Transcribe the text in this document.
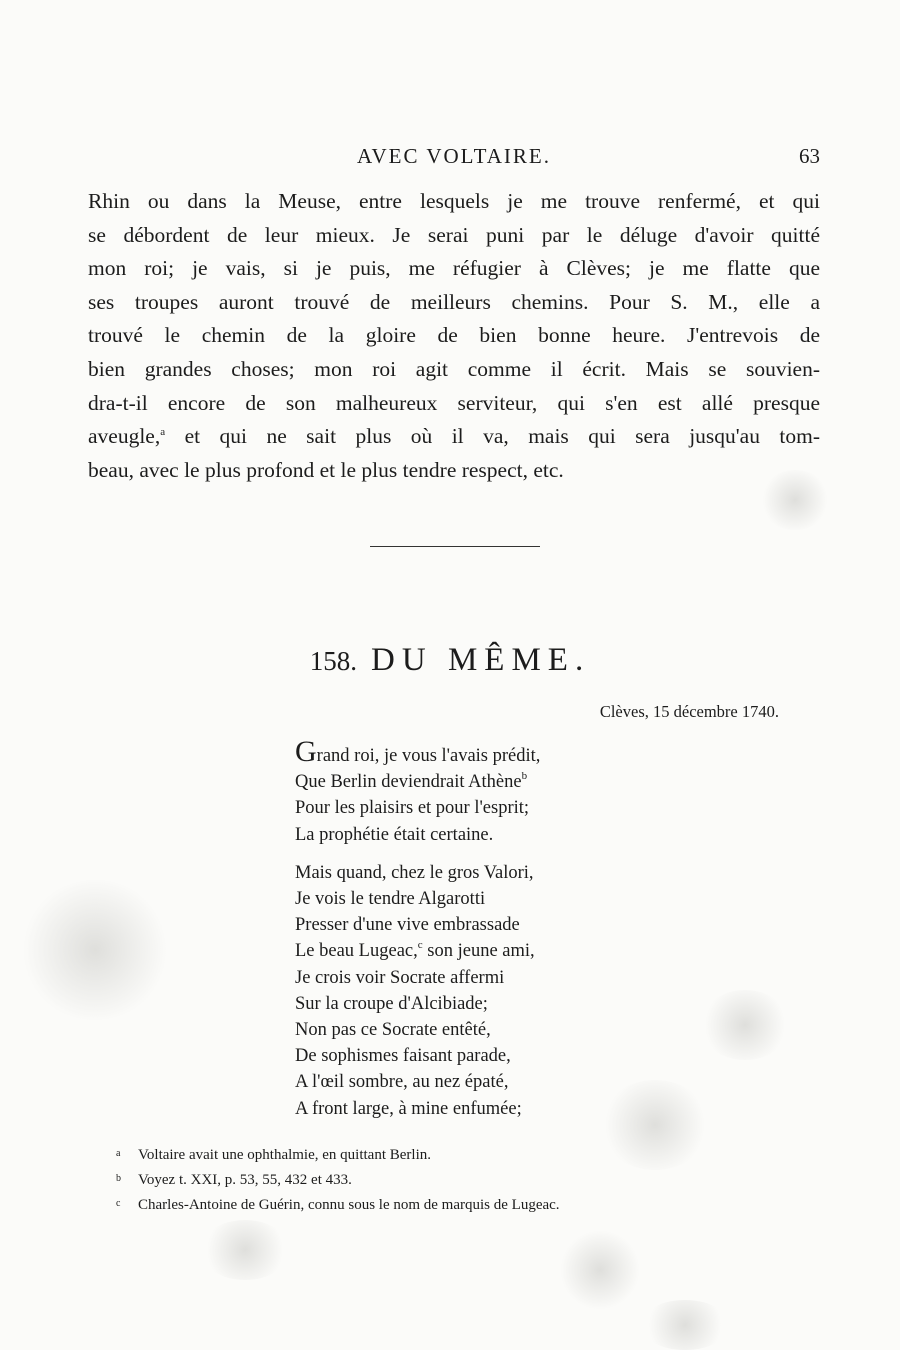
AVEC VOLTAIRE.	63
Rhin ou dans la Meuse, entre lesquels je me trouve renfermé, et qui
se débordent de leur mieux. Je serai puni par le déluge d'avoir quitté
mon roi; je vais, si je puis, me réfugier à Clèves; je me flatte que
ses troupes auront trouvé de meilleurs chemins. Pour S. M., elle a
trouvé le chemin de la gloire de bien bonne heure. J'entrevois de
bien grandes choses; mon roi agit comme il écrit. Mais se souvien-
dra-t-il encore de son malheureux serviteur, qui s'en est allé presque
aveugle,$^a$ et qui ne sait plus où il va, mais qui sera jusqu'au tom-
beau, avec le plus profond et le plus tendre respect, etc.
158. DU MÊME.
Clèves, 15 décembre 1740.
Grand roi, je vous l'avais prédit,
Que Berlin deviendrait Athène$^b$
Pour les plaisirs et pour l'esprit;
La prophétie était certaine.
Mais quand, chez le gros Valori,
Je vois le tendre Algarotti
Presser d'une vive embrassade
Le beau Lugeac,$^c$ son jeune ami,
Je crois voir Socrate affermi
Sur la croupe d'Alcibiade;
Non pas ce Socrate entêté,
De sophismes faisant parade,
A l'œil sombre, au nez épaté,
A front large, à mine enfumée;
a Voltaire avait une ophthalmie, en quittant Berlin.
b Voyez t. XXI, p. 53, 55, 432 et 433.
c Charles-Antoine de Guérin, connu sous le nom de marquis de Lugeac.
